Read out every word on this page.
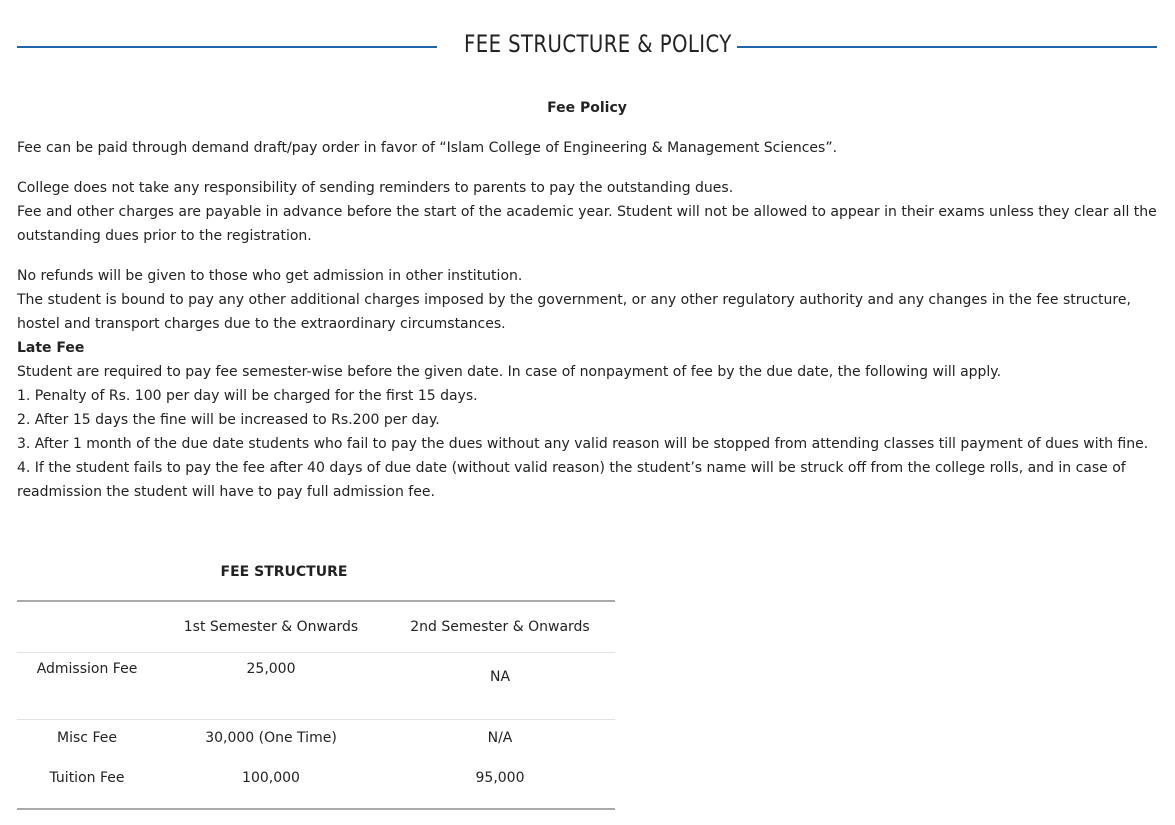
FEE STRUCTURE & POLICY

Fee Policy

Fee can be paid through demand draft/pay order in favor of “Islam College of Engineering & Management Sciences”.

College does not take any responsibility of sending reminders to parents to pay the outstanding dues.

Fee and other charges are payable in advance before the start of the academic year. Student will not be allowed to appear in their exams unless they clear all the outstanding dues prior to the registration.

No refunds will be given to those who get admission in other institution.

The student is bound to pay any other additional charges imposed by the government, or any other regulatory authority and any changes in the fee structure, hostel and transport charges due to the extraordinary circumstances.

Late Fee

Student are required to pay fee semester-wise before the given date. In case of nonpayment of fee by the due date, the following will apply.

1. Penalty of Rs. 100 per day will be charged for the first 15 days.

2. After 15 days the fine will be increased to Rs.200 per day.

3. After 1 month of the due date students who fail to pay the dues without any valid reason will be stopped from attending classes till payment of dues with fine.

4. If the student fails to pay the fee after 40 days of due date (without valid reason) the student’s name will be struck off from the college rolls, and in case of readmission the student will have to pay full admission fee.

FEE STRUCTURE

	1st Semester & Onwards	2nd Semester & Onwards
Admission Fee	25,000	NA
Misc Fee	30,000 (One Time)	N/A
Tuition Fee	100,000	95,000
